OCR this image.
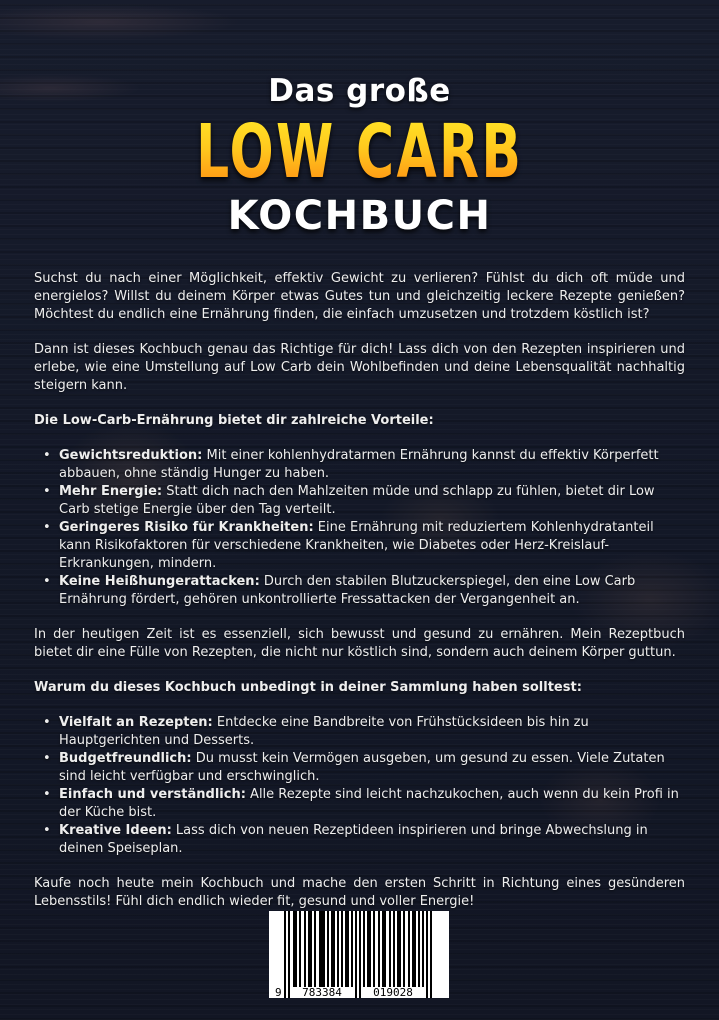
Das große
LOW CARB
KOCHBUCH

Suchst du nach einer Möglichkeit, effektiv Gewicht zu verlieren? Fühlst du dich oft müde und energielos? Willst du deinem Körper etwas Gutes tun und gleichzeitig leckere Rezepte genießen? Möchtest du endlich eine Ernährung finden, die einfach umzusetzen und trotzdem köstlich ist?

Dann ist dieses Kochbuch genau das Richtige für dich! Lass dich von den Rezepten inspirieren und erlebe, wie eine Umstellung auf Low Carb dein Wohlbefinden und deine Lebensqualität nachhaltig steigern kann.

Die Low-Carb-Ernährung bietet dir zahlreiche Vorteile:
• Gewichtsreduktion: Mit einer kohlenhydratarmen Ernährung kannst du effektiv Körperfett abbauen, ohne ständig Hunger zu haben.
• Mehr Energie: Statt dich nach den Mahlzeiten müde und schlapp zu fühlen, bietet dir Low Carb stetige Energie über den Tag verteilt.
• Geringeres Risiko für Krankheiten: Eine Ernährung mit reduziertem Kohlenhydratanteil kann Risikofaktoren für verschiedene Krankheiten, wie Diabetes oder Herz-Kreislauf-Erkrankungen, mindern.
• Keine Heißhungerattacken: Durch den stabilen Blutzuckerspiegel, den eine Low Carb Ernährung fördert, gehören unkontrollierte Fressattacken der Vergangenheit an.

In der heutigen Zeit ist es essenziell, sich bewusst und gesund zu ernähren. Mein Rezeptbuch bietet dir eine Fülle von Rezepten, die nicht nur köstlich sind, sondern auch deinem Körper guttun.

Warum du dieses Kochbuch unbedingt in deiner Sammlung haben solltest:
• Vielfalt an Rezepten: Entdecke eine Bandbreite von Frühstücksideen bis hin zu Hauptgerichten und Desserts.
• Budgetfreundlich: Du musst kein Vermögen ausgeben, um gesund zu essen. Viele Zutaten sind leicht verfügbar und erschwinglich.
• Einfach und verständlich: Alle Rezepte sind leicht nachzukochen, auch wenn du kein Profi in der Küche bist.
• Kreative Ideen: Lass dich von neuen Rezeptideen inspirieren und bringe Abwechslung in deinen Speiseplan.

Kaufe noch heute mein Kochbuch und mache den ersten Schritt in Richtung eines gesünderen Lebensstils! Fühl dich endlich wieder fit, gesund und voller Energie!

9 783384	019028
